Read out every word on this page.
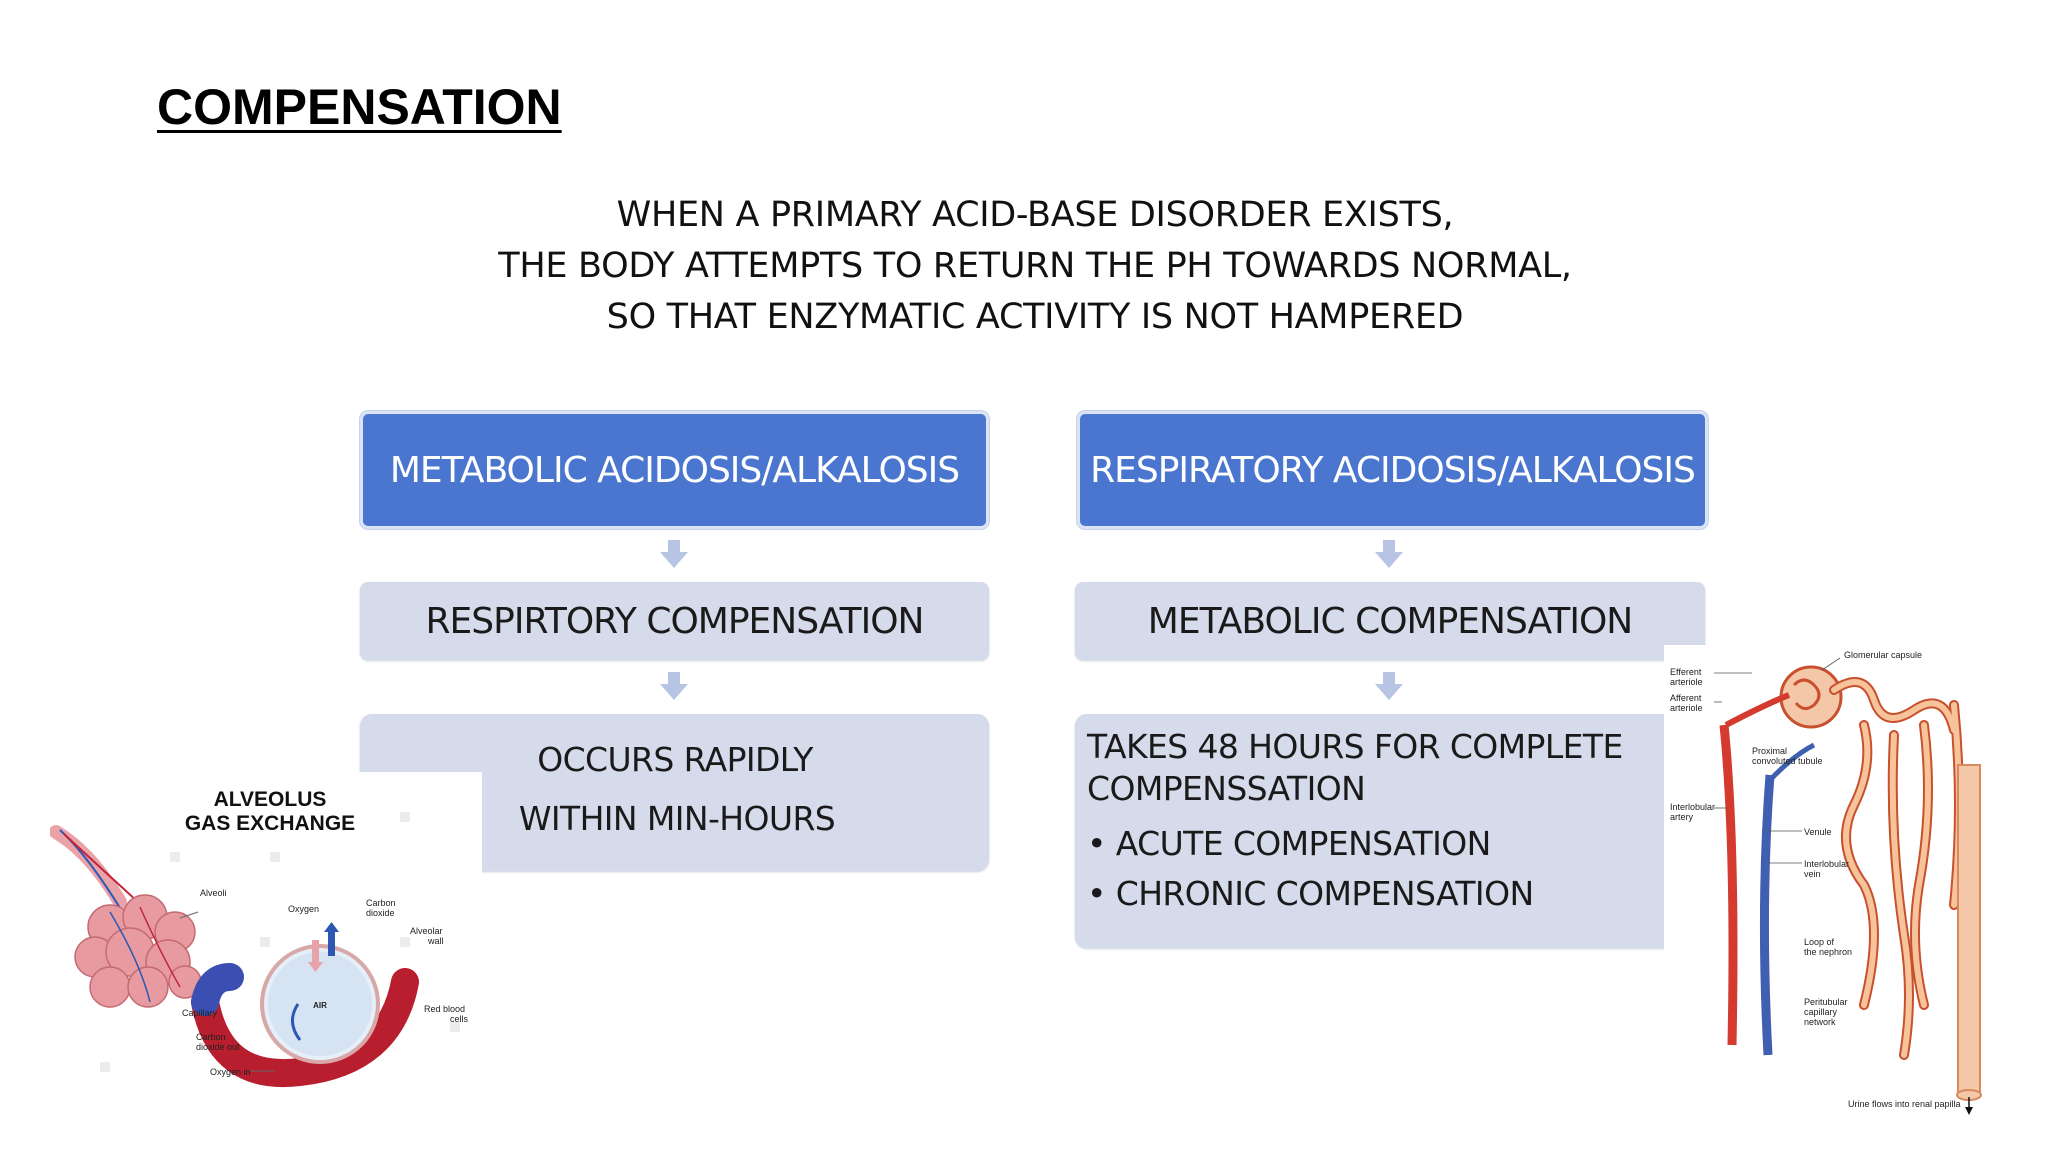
COMPENSATION
WHEN A PRIMARY ACID-BASE DISORDER EXISTS,
THE BODY ATTEMPTS TO RETURN THE PH TOWARDS NORMAL,
SO THAT ENZYMATIC ACTIVITY IS NOT HAMPERED
METABOLIC ACIDOSIS/ALKALOSIS
RESPIRTORY COMPENSATION
OCCURS RAPIDLY
WITHIN MIN-HOURS
RESPIRATORY ACIDOSIS/ALKALOSIS
METABOLIC COMPENSATION
TAKES 48 HOURS FOR COMPLETE
COMPENSSATION
• ACUTE COMPENSATION
• CHRONIC COMPENSATION
ALVEOLUS
GAS EXCHANGE
Alveoli
AIR
Oxygen
Carbon
dioxide
Alveolar
wall
Red blood
cells
Capillary
Carbon
dioxide out
Oxygen in
Glomerular capsule
Efferent
arteriole
Afferent
arteriole
Proximal
convoluted tubule
Interlobular
artery
Venule
Interlobular
vein
Loop of
the nephron
Peritubular
capillary
network
Urine flows into renal papilla
